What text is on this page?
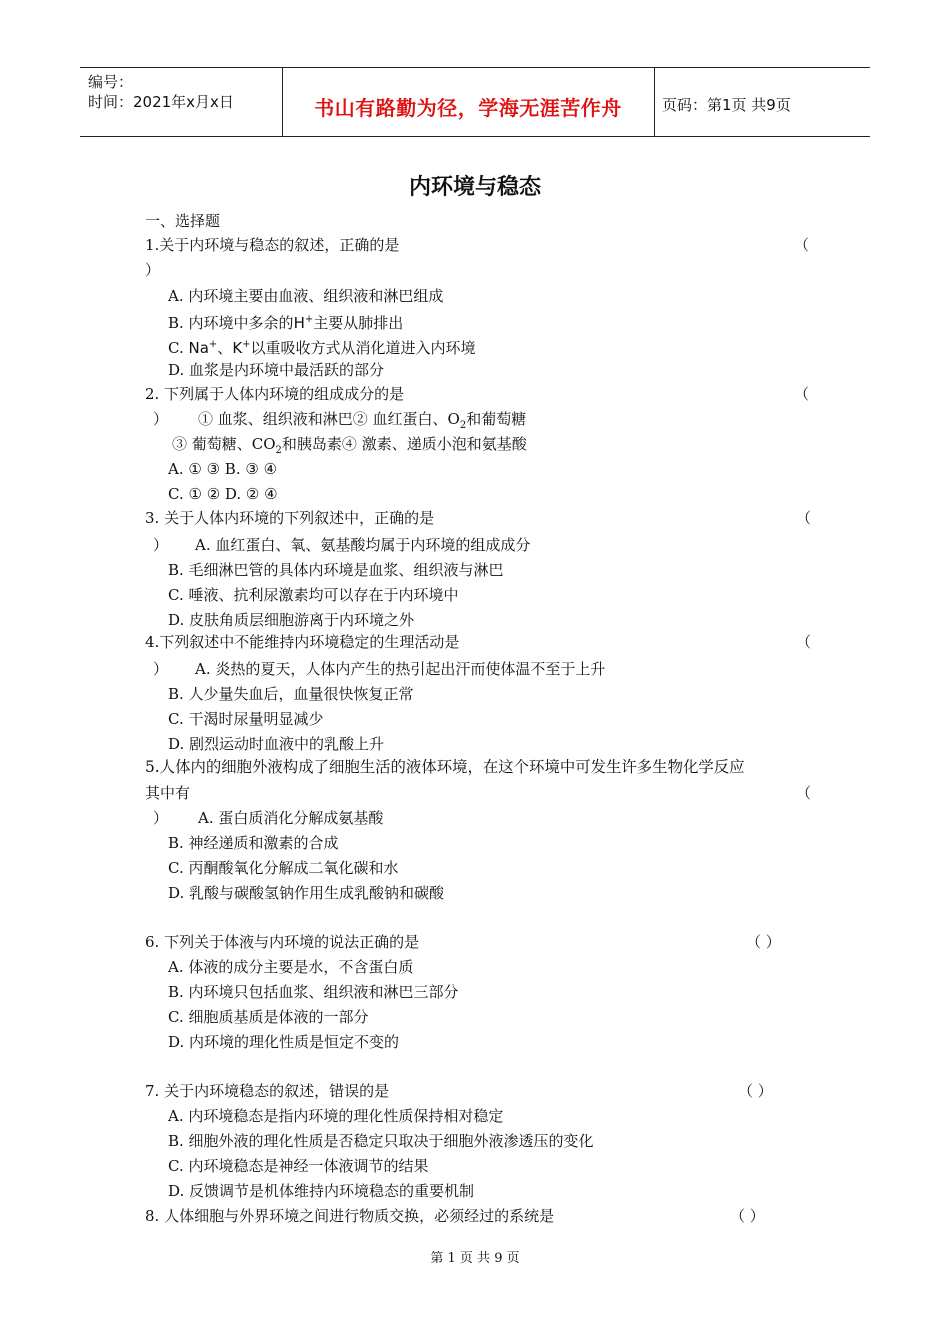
编号：
时间：2021年x月x日	书山有路勤为径，学海无涯苦作舟	页码：第1页 共9页
内环境与稳态
一、选择题
1.关于内环境与稳态的叙述，正确的是	（
）
A. 内环境主要由血液、组织液和淋巴组成
B. 内环境中多余的H+主要从肺排出
C. Na+、K+以重吸收方式从消化道进入内环境
D. 血浆是内环境中最活跃的部分
2. 下列属于人体内环境的组成成分的是	（
） ① 血浆、组织液和淋巴② 血红蛋白、$O_2$和葡萄糖
③ 葡萄糖、$CO_2$和胰岛素④ 激素、递质小泡和氨基酸
A. ① ③ B. ③ ④
C. ① ② D. ② ④
3. 关于人体内环境的下列叙述中，正确的是	（
） A. 血红蛋白、氧、氨基酸均属于内环境的组成成分
B. 毛细淋巴管的具体内环境是血浆、组织液与淋巴
C. 唾液、抗利尿激素均可以存在于内环境中
D. 皮肤角质层细胞游离于内环境之外
4.下列叙述中不能维持内环境稳定的生理活动是	（
） A. 炎热的夏天，人体内产生的热引起出汗而使体温不至于上升
B. 人少量失血后，血量很快恢复正常
C. 干渴时尿量明显减少
D. 剧烈运动时血液中的乳酸上升
5.人体内的细胞外液构成了细胞生活的液体环境，在这个环境中可发生许多生物化学反应
其中有	（
） A. 蛋白质消化分解成氨基酸
B. 神经递质和激素的合成
C. 丙酮酸氧化分解成二氧化碳和水
D. 乳酸与碳酸氢钠作用生成乳酸钠和碳酸
6. 下列关于体液与内环境的说法正确的是	（ ）
A. 体液的成分主要是水，不含蛋白质
B. 内环境只包括血浆、组织液和淋巴三部分
C. 细胞质基质是体液的一部分
D. 内环境的理化性质是恒定不变的
7. 关于内环境稳态的叙述，错误的是	（ ）
A. 内环境稳态是指内环境的理化性质保持相对稳定
B. 细胞外液的理化性质是否稳定只取决于细胞外液渗透压的变化
C. 内环境稳态是神经一体液调节的结果
D. 反馈调节是机体维持内环境稳态的重要机制
8. 人体细胞与外界环境之间进行物质交换，必须经过的系统是	（ ）
第 1 页 共 9 页
